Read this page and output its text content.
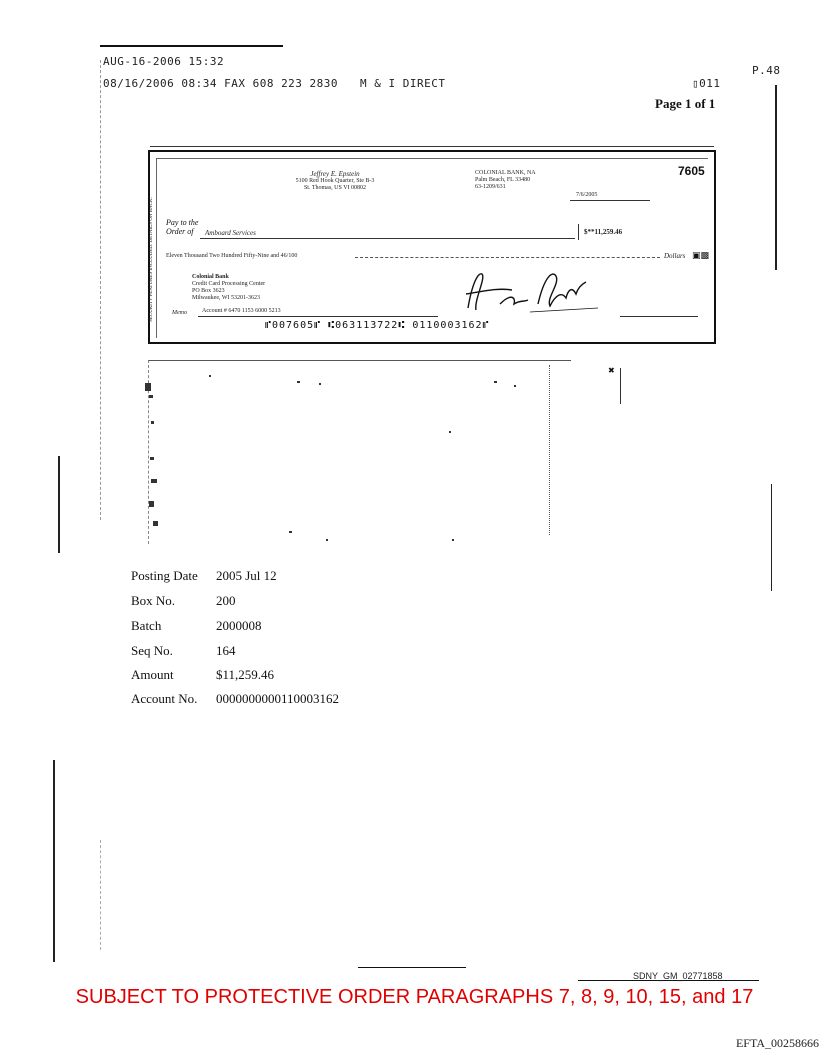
AUG-16-2006 15:32
P.48
08/16/2006 08:34 FAX 608 223 2830 M & I DIRECT	▯011
Page 1 of 1
Jeffrey E. Epstein
5100 Red Hook Quarter, Ste B-3
St. Thomas, US VI 00802
COLONIAL BANK, NA
Palm Beach, FL 33480
63-1209/631
7605
7/6/2005
Pay to the
Order of	Amboard Services	$**11,259.46
Eleven Thousand Two Hundred Fifty-Nine and 46/100	Dollars ▣▩
Colonial Bank
Credit Card Processing Center
PO Box 3623
Milwaukee, WI 53201-3623
Memo	Account # 6470 1153 6000 5213
⑈007605⑈ ⑆063113722⑆ 0110003162⑈
SECURITY FEATURES INCLUDED. DETAILS ON BACK.
✖
Posting Date 2005 Jul 12
Box No.	200
Batch	2000008
Seq No.	164
Amount	$11,259.46
Account No. 0000000000110003162
SDNY_GM_02771858
SUBJECT TO PROTECTIVE ORDER PARAGRAPHS 7, 8, 9, 10, 15, and 17
EFTA_00258666
